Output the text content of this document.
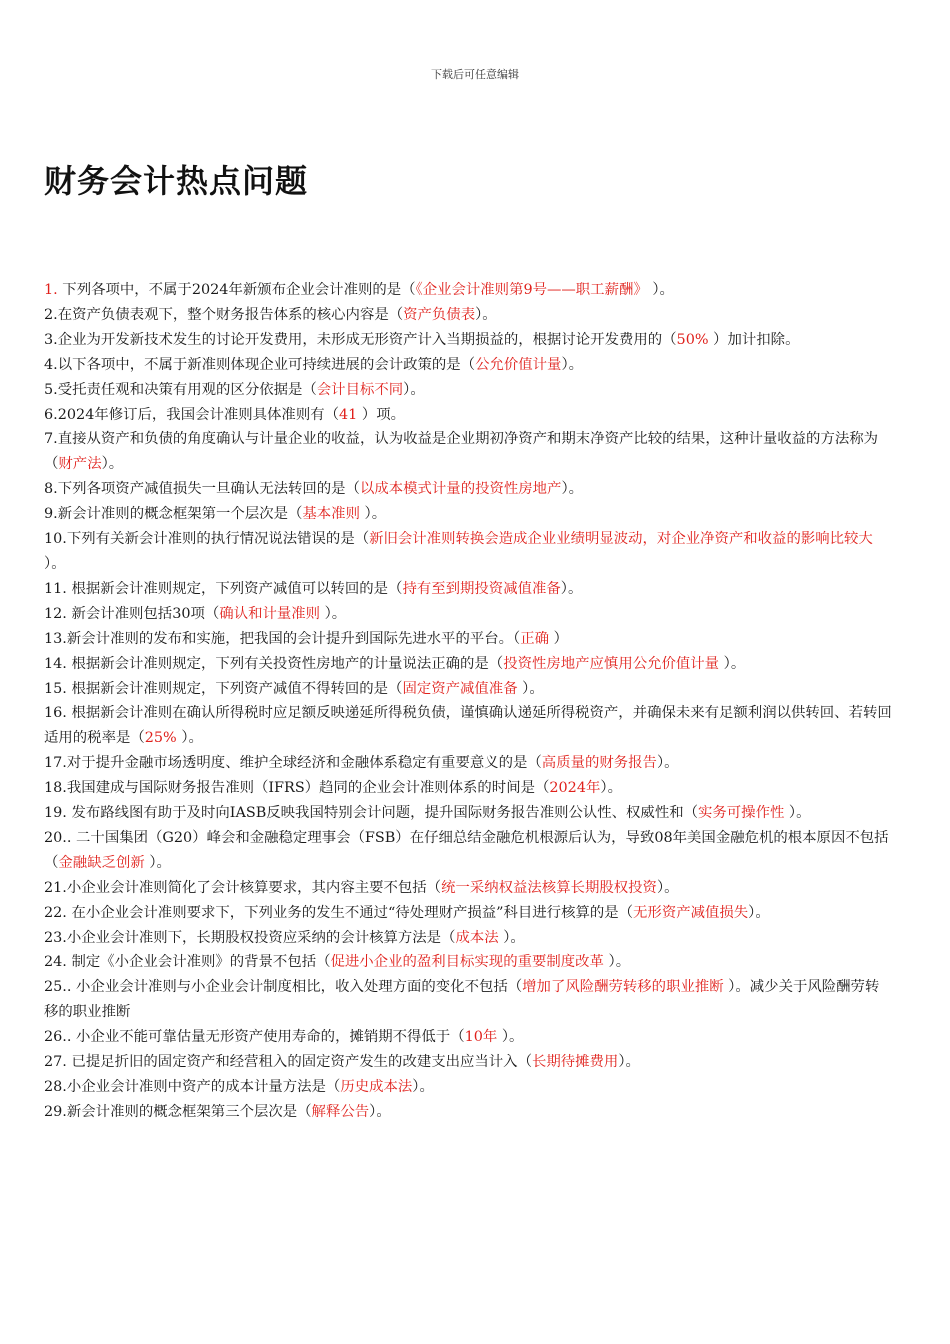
下载后可任意编辑
财务会计热点问题

1. 下列各项中，不属于2024年新颁布企业会计准则的是（《企业会计准则第9号——职工薪酬》 ）。

2.在资产负债表观下，整个财务报告体系的核心内容是（资产负债表）。

3.企业为开发新技术发生的讨论开发费用，未形成无形资产计入当期损益的，根据讨论开发费用的（50% ）加计扣除。

4.以下各项中，不属于新准则体现企业可持续进展的会计政策的是（公允价值计量）。

5.受托责任观和决策有用观的区分依据是（会计目标不同）。

6.2024年修订后，我国会计准则具体准则有（41 ）项。

7.直接从资产和负债的角度确认与计量企业的收益，认为收益是企业期初净资产和期末净资产比较的结果，这种计量收益的方法称为（财产法）。

8.下列各项资产减值损失一旦确认无法转回的是（以成本模式计量的投资性房地产）。

9.新会计准则的概念框架第一个层次是（基本准则 ）。

10.下列有关新会计准则的执行情况说法错误的是（新旧会计准则转换会造成企业业绩明显波动，对企业净资产和收益的影响比较大 ）。

11. 根据新会计准则规定，下列资产减值可以转回的是（持有至到期投资减值准备）。

12. 新会计准则包括30项（确认和计量准则 ）。

13.新会计准则的发布和实施，把我国的会计提升到国际先进水平的平台。（正确 ）

14. 根据新会计准则规定，下列有关投资性房地产的计量说法正确的是（投资性房地产应慎用公允价值计量 ）。

15. 根据新会计准则规定，下列资产减值不得转回的是（固定资产减值准备 ）。

16. 根据新会计准则在确认所得税时应足额反映递延所得税负债，谨慎确认递延所得税资产，并确保未来有足额利润以供转回、若转回适用的税率是（25% ）。

17.对于提升金融市场透明度、维护全球经济和金融体系稳定有重要意义的是（高质量的财务报告）。

18.我国建成与国际财务报告准则（IFRS）趋同的企业会计准则体系的时间是（2024年）。

19. 发布路线图有助于及时向IASB反映我国特别会计问题，提升国际财务报告准则公认性、权威性和（实务可操作性 ）。

20.. 二十国集团（G20）峰会和金融稳定理事会（FSB）在仔细总结金融危机根源后认为，导致08年美国金融危机的根本原因不包括（金融缺乏创新 ）。

21.小企业会计准则简化了会计核算要求，其内容主要不包括（统一采纳权益法核算长期股权投资）。

22. 在小企业会计准则要求下，下列业务的发生不通过“待处理财产损益”科目进行核算的是（无形资产减值损失）。

23.小企业会计准则下，长期股权投资应采纳的会计核算方法是（成本法 ）。

24. 制定《小企业会计准则》的背景不包括（促进小企业的盈利目标实现的重要制度改革 ）。

25.. 小企业会计准则与小企业会计制度相比，收入处理方面的变化不包括（增加了风险酬劳转移的职业推断 ）。减少关于风险酬劳转移的职业推断

26.. 小企业不能可靠估量无形资产使用寿命的，摊销期不得低于（10年 ）。

27. 已提足折旧的固定资产和经营租入的固定资产发生的改建支出应当计入（长期待摊费用）。

28.小企业会计准则中资产的成本计量方法是（历史成本法）。

29.新会计准则的概念框架第三个层次是（解释公告）。
